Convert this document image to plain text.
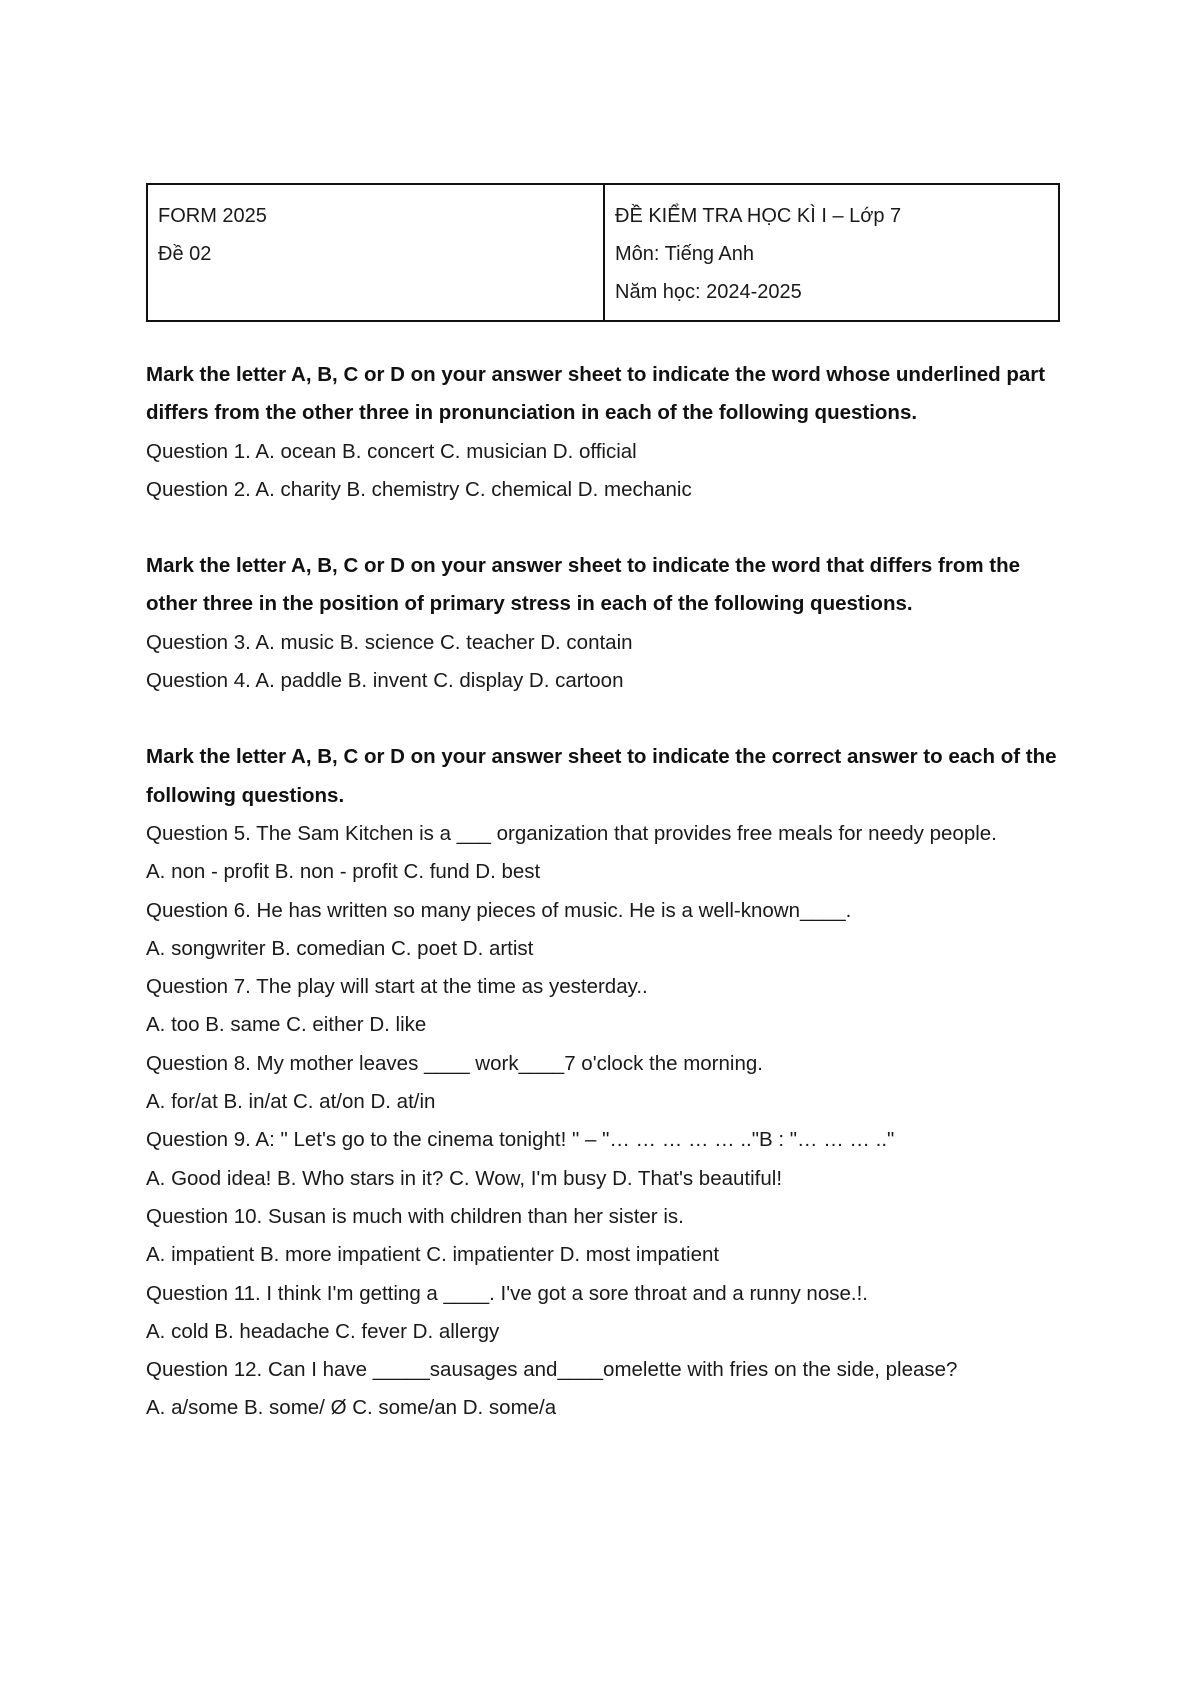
FORM 2025
Đề 02
ĐỀ KIỂM TRA HỌC KÌ I – Lớp 7
Môn: Tiếng Anh
Năm học: 2024-2025
Mark the letter A, B, C or D on your answer sheet to indicate the word whose underlined part differs from the other three in pronunciation in each of the following questions.
Question 1. A. ocean B. concert C. musician D. official
Question 2. A. charity B. chemistry C. chemical D. mechanic
Mark the letter A, B, C or D on your answer sheet to indicate the word that differs from the other three in the position of primary stress in each of the following questions.
Question 3. A. music B. science C. teacher D. contain
Question 4. A. paddle B. invent C. display D. cartoon
Mark the letter A, B, C or D on your answer sheet to indicate the correct answer to each of the following questions.
Question 5. The Sam Kitchen is a ___ organization that provides free meals for needy people.
A. non - profit B. non - profit C. fund D. best
Question 6. He has written so many pieces of music. He is a well-known____.
A. songwriter B. comedian C. poet D. artist
Question 7. The play will start at the time as yesterday..
A. too B. same C. either D. like
Question 8. My mother leaves ____ work____7 o'clock the morning.
A. for/at B. in/at C. at/on D. at/in
Question 9. A: " Let's go to the cinema tonight! " – "… … … … … .."B : "… … … .."
A. Good idea! B. Who stars in it? C. Wow, I'm busy D. That's beautiful!
Question 10. Susan is much with children than her sister is.
A. impatient B. more impatient C. impatienter D. most impatient
Question 11. I think I'm getting a ____. I've got a sore throat and a runny nose.!.
A. cold B. headache C. fever D. allergy
Question 12. Can I have _____sausages and____omelette with fries on the side, please?
A. a/some B. some/ Ø C. some/an D. some/a
